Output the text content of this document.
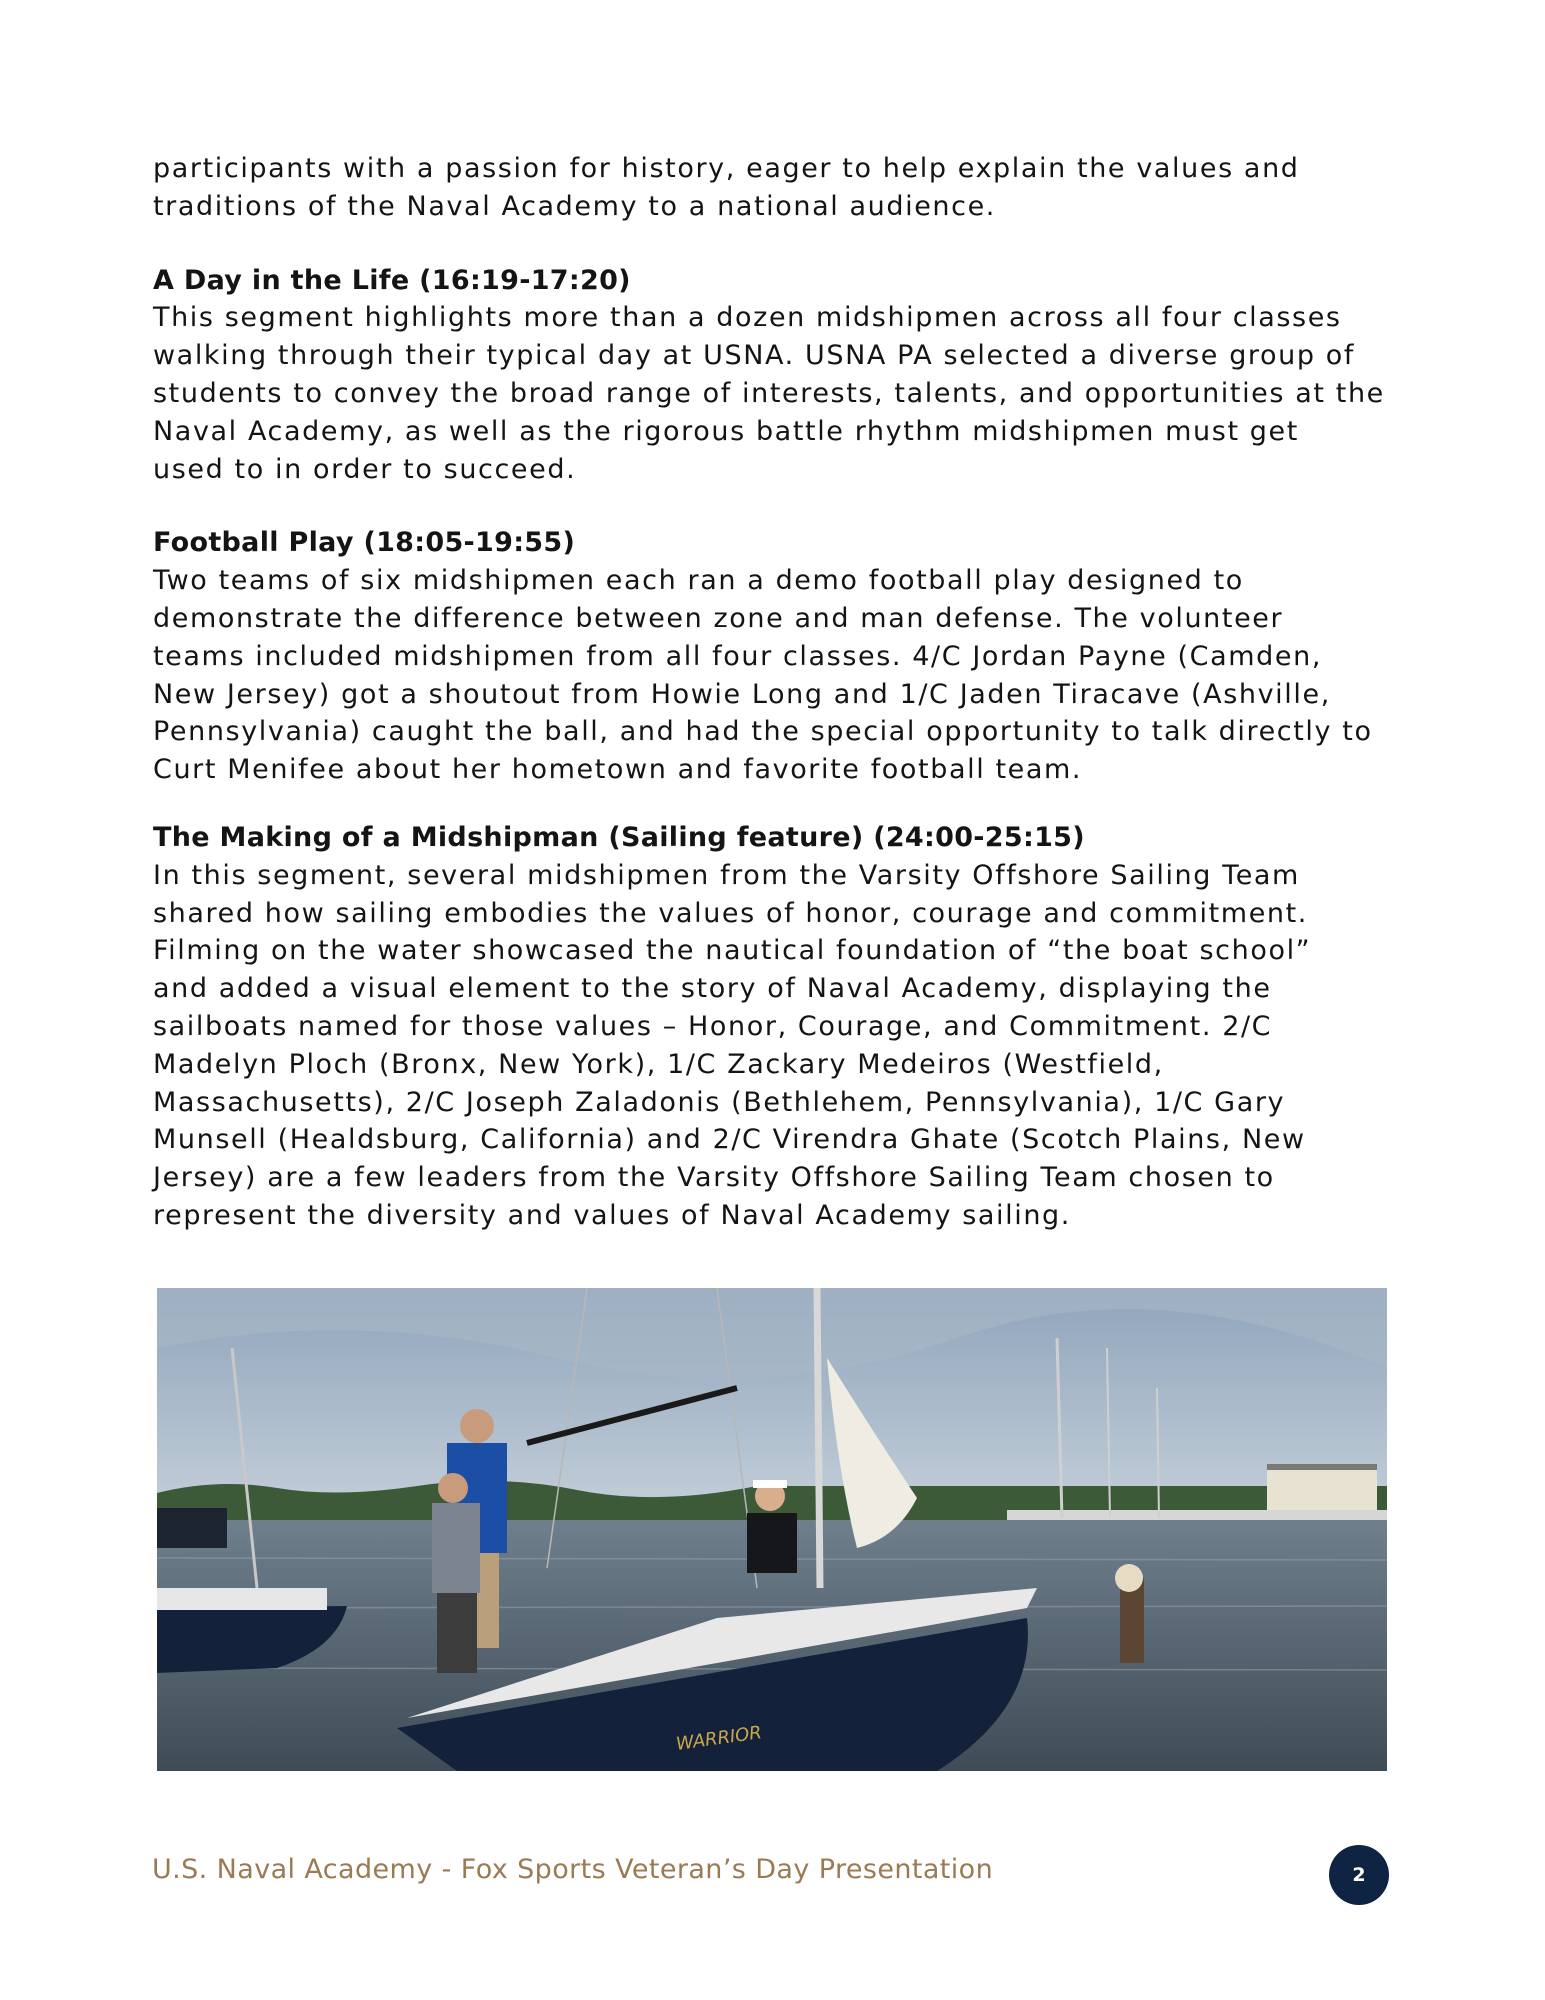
participants with a passion for history, eager to help explain the values and
traditions of the Naval Academy to a national audience.

A Day in the Life (16:19-17:20)

This segment highlights more than a dozen midshipmen across all four classes
walking through their typical day at USNA. USNA PA selected a diverse group of
students to convey the broad range of interests, talents, and opportunities at the
Naval Academy, as well as the rigorous battle rhythm midshipmen must get
used to in order to succeed.

Football Play (18:05-19:55)

Two teams of six midshipmen each ran a demo football play designed to
demonstrate the difference between zone and man defense. The volunteer
teams included midshipmen from all four classes. 4/C Jordan Payne (Camden,
New Jersey) got a shoutout from Howie Long and 1/C Jaden Tiracave (Ashville,
Pennsylvania) caught the ball, and had the special opportunity to talk directly to
Curt Menifee about her hometown and favorite football team.

The Making of a Midshipman (Sailing feature) (24:00-25:15)

In this segment, several midshipmen from the Varsity Offshore Sailing Team
shared how sailing embodies the values of honor, courage and commitment.
Filming on the water showcased the nautical foundation of “the boat school”
and added a visual element to the story of Naval Academy, displaying the
sailboats named for those values – Honor, Courage, and Commitment. 2/C
Madelyn Ploch (Bronx, New York), 1/C Zackary Medeiros (Westfield,
Massachusetts), 2/C Joseph Zaladonis (Bethlehem, Pennsylvania), 1/C Gary
Munsell (Healdsburg, California) and 2/C Virendra Ghate (Scotch Plains, New
Jersey) are a few leaders from the Varsity Offshore Sailing Team chosen to
represent the diversity and values of Naval Academy sailing.

WARRIOR
U.S. Naval Academy - Fox Sports Veteran’s Day Presentation	2
